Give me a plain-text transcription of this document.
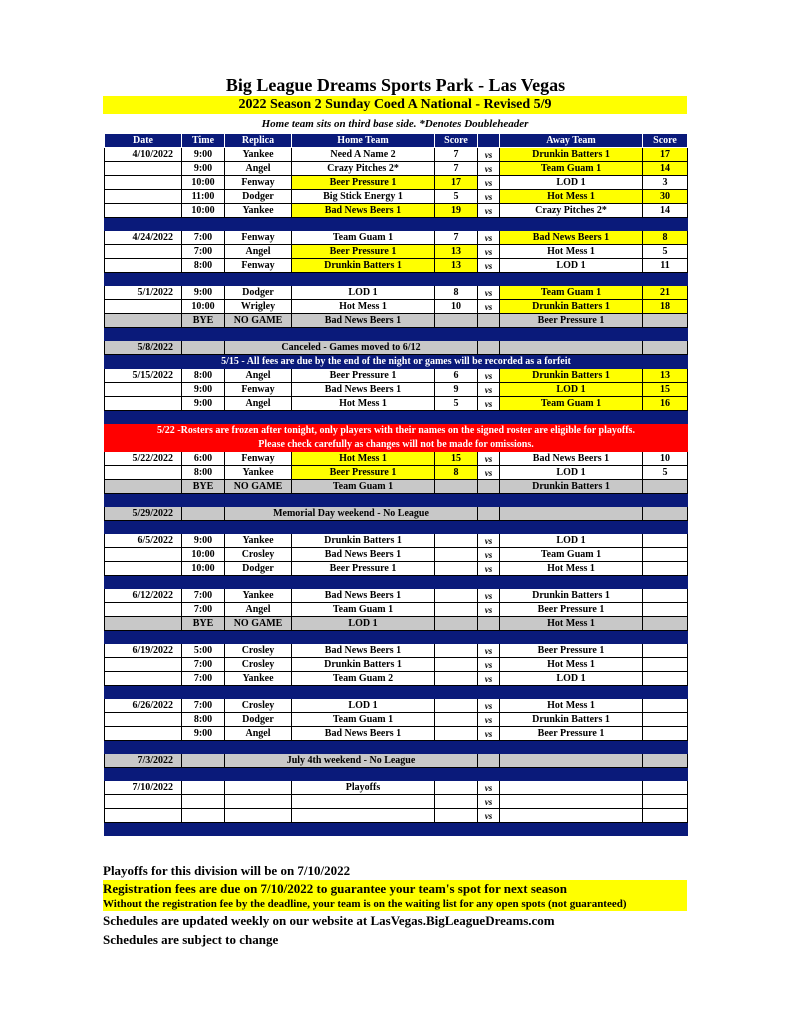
Big League Dreams Sports Park - Las Vegas
2022 Season 2 Sunday Coed A National - Revised 5/9
Home team sits on third base side. *Denotes Doubleheader
Date	Time	Replica	Home Team	Score		Away Team	Score
4/10/2022	9:00	Yankee	Need A Name 2	7	vs	Drunkin Batters 1	17
	9:00	Angel	Crazy Pitches 2*	7	vs	Team Guam 1	14
	10:00	Fenway	Beer Pressure 1	17	vs	LOD 1	3
	11:00	Dodger	Big Stick Energy 1	5	vs	Hot Mess 1	30
	10:00	Yankee	Bad News Beers 1	19	vs	Crazy Pitches 2*	14

4/24/2022	7:00	Fenway	Team Guam 1	7	vs	Bad News Beers 1	8
	7:00	Angel	Beer Pressure 1	13	vs	Hot Mess 1	5
	8:00	Fenway	Drunkin Batters 1	13	vs	LOD 1	11

5/1/2022	9:00	Dodger	LOD 1	8	vs	Team Guam 1	21
	10:00	Wrigley	Hot Mess 1	10	vs	Drunkin Batters 1	18
	BYE	NO GAME	Bad News Beers 1			Beer Pressure 1	

5/8/2022		Canceled - Games moved to 6/12					
5/15 - All fees are due by the end of the night or games will be recorded as a forfeit							
5/15/2022	8:00	Angel	Beer Pressure 1	6	vs	Drunkin Batters 1	13
	9:00	Fenway	Bad News Beers 1	9	vs	LOD 1	15
	9:00	Angel	Hot Mess 1	5	vs	Team Guam 1	16

5/22 -Rosters are frozen after tonight, only players with their names on the signed roster are eligible for playoffs.							
Please check carefully as changes will not be made for omissions.							
5/22/2022	6:00	Fenway	Hot Mess 1	15	vs	Bad News Beers 1	10
	8:00	Yankee	Beer Pressure 1	8	vs	LOD 1	5
	BYE	NO GAME	Team Guam 1			Drunkin Batters 1	

5/29/2022		Memorial Day weekend - No League					

6/5/2022	9:00	Yankee	Drunkin Batters 1		vs	LOD 1	
	10:00	Crosley	Bad News Beers 1		vs	Team Guam 1	
	10:00	Dodger	Beer Pressure 1		vs	Hot Mess 1	

6/12/2022	7:00	Yankee	Bad News Beers 1		vs	Drunkin Batters 1	
	7:00	Angel	Team Guam 1		vs	Beer Pressure 1	
	BYE	NO GAME	LOD 1			Hot Mess 1	

6/19/2022	5:00	Crosley	Bad News Beers 1		vs	Beer Pressure 1	
	7:00	Crosley	Drunkin Batters 1		vs	Hot Mess 1	
	7:00	Yankee	Team Guam 2		vs	LOD 1	

6/26/2022	7:00	Crosley	LOD 1		vs	Hot Mess 1	
	8:00	Dodger	Team Guam 1		vs	Drunkin Batters 1	
	9:00	Angel	Bad News Beers 1		vs	Beer Pressure 1	

7/3/2022		July 4th weekend - No League					

7/10/2022			Playoffs		vs		
					vs		
					vs		

Playoffs for this division will be on 7/10/2022
Registration fees are due on 7/10/2022 to guarantee your team's spot for next season
Without the registration fee by the deadline, your team is on the waiting list for any open spots (not guaranteed)
Schedules are updated weekly on our website at LasVegas.BigLeagueDreams.com
Schedules are subject to change
